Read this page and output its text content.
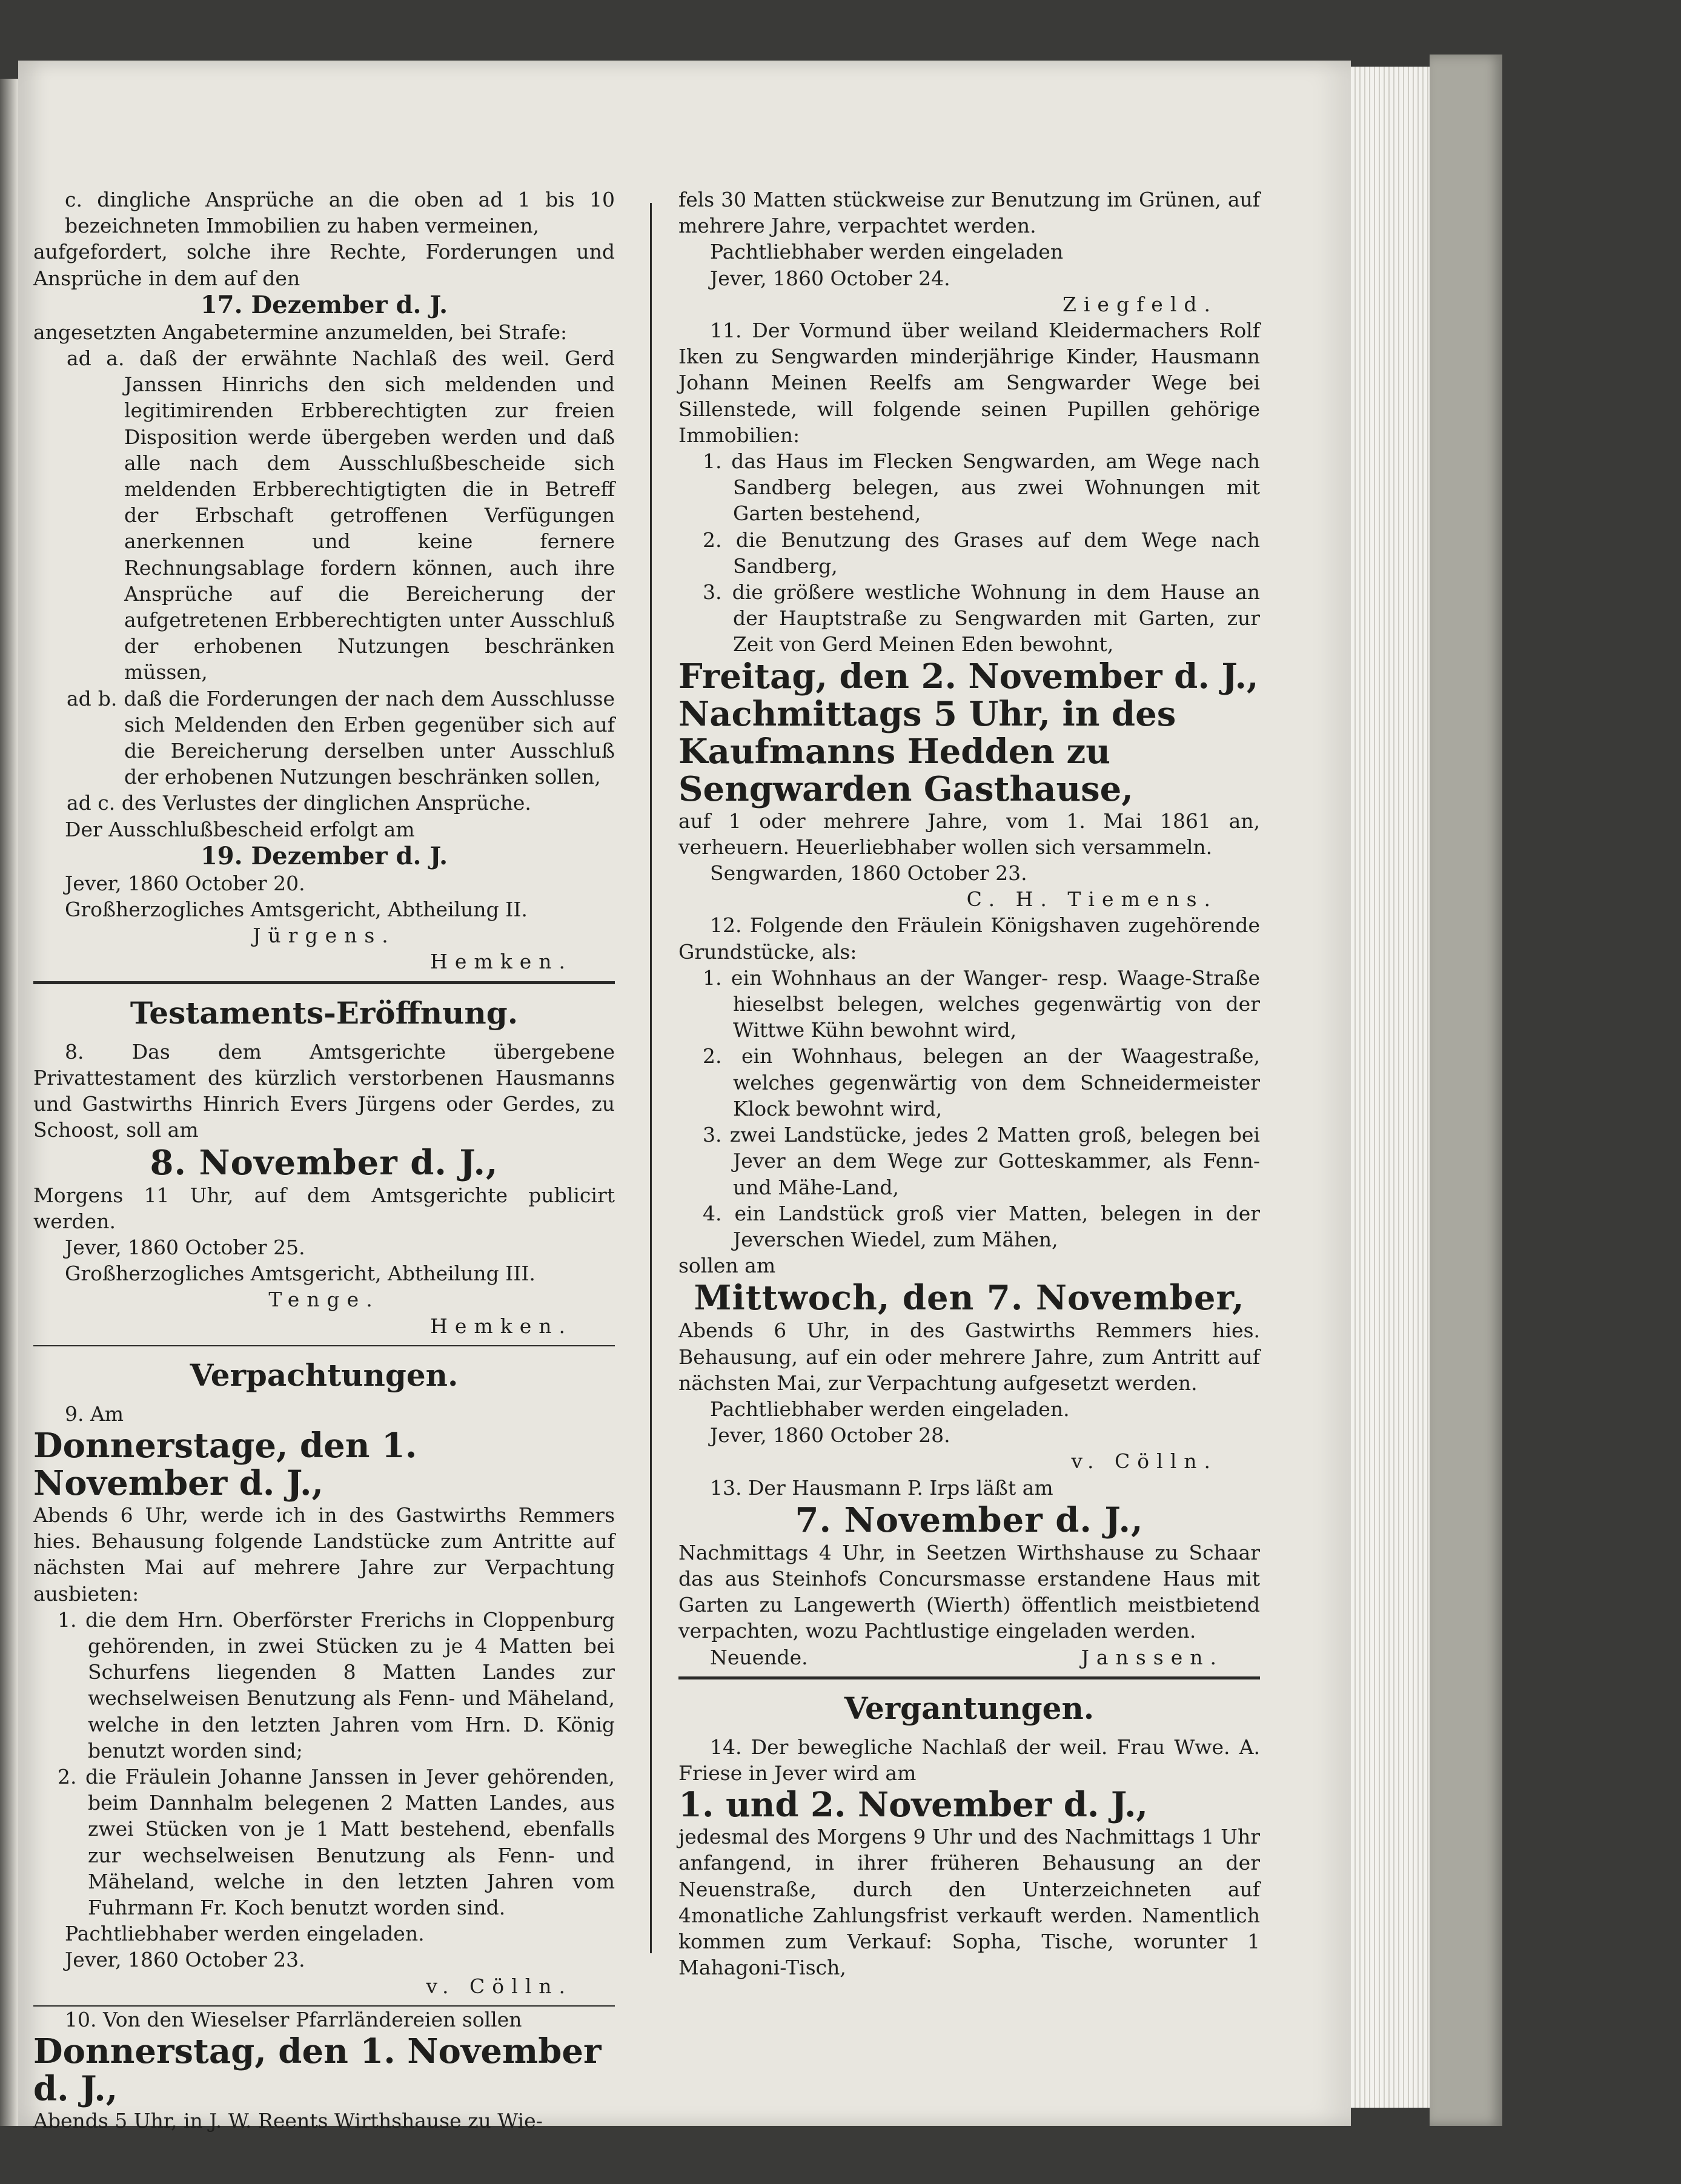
c. dingliche Ansprüche an die oben ad 1 bis 10 bezeichneten Immobilien zu haben vermeinen,

aufgefordert, solche ihre Rechte, Forderungen und Ansprüche in dem auf den

17. Dezember d. J.

angesetzten Angabetermine anzumelden, bei Strafe:

ad a. daß der erwähnte Nachlaß des weil. Gerd Janssen Hinrichs den sich meldenden und legitimirenden Erbberechtigten zur freien Disposition werde übergeben werden und daß alle nach dem Ausschlußbescheide sich meldenden Erbberechtigtigten die in Betreff der Erbschaft getroffenen Verfügungen anerkennen und keine fernere Rechnungsablage fordern können, auch ihre Ansprüche auf die Bereicherung der aufgetretenen Erbberechtigten unter Ausschluß der erhobenen Nutzungen beschränken müssen,

ad b. daß die Forderungen der nach dem Ausschlusse sich Meldenden den Erben gegenüber sich auf die Bereicherung derselben unter Ausschluß der erhobenen Nutzungen beschränken sollen,

ad c. des Verlustes der dinglichen Ansprüche.

Der Ausschlußbescheid erfolgt am

19. Dezember d. J.

Jever, 1860 October 20.

Großherzogliches Amtsgericht, Abtheilung II.

Jürgens.

Hemken.

Testaments-Eröffnung.

8. Das dem Amtsgerichte übergebene Privattestament des kürzlich verstorbenen Hausmanns und Gastwirths Hinrich Evers Jürgens oder Gerdes, zu Schoost, soll am

8. November d. J.,

Morgens 11 Uhr, auf dem Amtsgerichte publicirt werden.

Jever, 1860 October 25.

Großherzogliches Amtsgericht, Abtheilung III.

Tenge.

Hemken.

Verpachtungen.

9. Am

Donnerstage, den 1. November d. J.,

Abends 6 Uhr, werde ich in des Gastwirths Remmers hies. Behausung folgende Landstücke zum Antritte auf nächsten Mai auf mehrere Jahre zur Verpachtung ausbieten:

1. die dem Hrn. Oberförster Frerichs in Cloppenburg gehörenden, in zwei Stücken zu je 4 Matten bei Schurfens liegenden 8 Matten Landes zur wechselweisen Benutzung als Fenn- und Mäheland, welche in den letzten Jahren vom Hrn. D. König benutzt worden sind;

2. die Fräulein Johanne Janssen in Jever gehörenden, beim Dannhalm belegenen 2 Matten Landes, aus zwei Stücken von je 1 Matt bestehend, ebenfalls zur wechselweisen Benutzung als Fenn- und Mäheland, welche in den letzten Jahren vom Fuhrmann Fr. Koch benutzt worden sind.

Pachtliebhaber werden eingeladen.

Jever, 1860 October 23.

v. Cölln.

10. Von den Wieselser Pfarrländereien sollen

Donnerstag, den 1. November d. J.,

Abends 5 Uhr, in J. W. Reents Wirthshause zu Wie-

fels 30 Matten stückweise zur Benutzung im Grünen, auf mehrere Jahre, verpachtet werden.

Pachtliebhaber werden eingeladen

Jever, 1860 October 24.

Ziegfeld.

11. Der Vormund über weiland Kleidermachers Rolf Iken zu Sengwarden minderjährige Kinder, Hausmann Johann Meinen Reelfs am Sengwarder Wege bei Sillenstede, will folgende seinen Pupillen gehörige Immobilien:

1. das Haus im Flecken Sengwarden, am Wege nach Sandberg belegen, aus zwei Wohnungen mit Garten bestehend,

2. die Benutzung des Grases auf dem Wege nach Sandberg,

3. die größere westliche Wohnung in dem Hause an der Hauptstraße zu Sengwarden mit Garten, zur Zeit von Gerd Meinen Eden bewohnt,

Freitag, den 2. November d. J., Nachmittags 5 Uhr, in des Kaufmanns Hedden zu Sengwarden Gasthause,

auf 1 oder mehrere Jahre, vom 1. Mai 1861 an, verheuern. Heuerliebhaber wollen sich versammeln.

Sengwarden, 1860 October 23.

C. H. Tiemens.

12. Folgende den Fräulein Königshaven zugehörende Grundstücke, als:

1. ein Wohnhaus an der Wanger- resp. Waage-Straße hieselbst belegen, welches gegenwärtig von der Wittwe Kühn bewohnt wird,

2. ein Wohnhaus, belegen an der Waagestraße, welches gegenwärtig von dem Schneidermeister Klock bewohnt wird,

3. zwei Landstücke, jedes 2 Matten groß, belegen bei Jever an dem Wege zur Gotteskammer, als Fenn- und Mähe-Land,

4. ein Landstück groß vier Matten, belegen in der Jeverschen Wiedel, zum Mähen,

sollen am

Mittwoch, den 7. November,

Abends 6 Uhr, in des Gastwirths Remmers hies. Behausung, auf ein oder mehrere Jahre, zum Antritt auf nächsten Mai, zur Verpachtung aufgesetzt werden.

Pachtliebhaber werden eingeladen.

Jever, 1860 October 28.

v. Cölln.

13. Der Hausmann P. Irps läßt am

7. November d. J.,

Nachmittags 4 Uhr, in Seetzen Wirthshause zu Schaar das aus Steinhofs Concursmasse erstandene Haus mit Garten zu Langewerth (Wierth) öffentlich meistbietend verpachten, wozu Pachtlustige eingeladen werden.

Neuende.	Janssen.

Vergantungen.

14. Der bewegliche Nachlaß der weil. Frau Wwe. A. Friese in Jever wird am

1. und 2. November d. J.,

jedesmal des Morgens 9 Uhr und des Nachmittags 1 Uhr anfangend, in ihrer früheren Behausung an der Neuenstraße, durch den Unterzeichneten auf 4monatliche Zahlungsfrist verkauft werden. Namentlich kommen zum Verkauf: Sopha, Tische, worunter 1 Mahagoni-Tisch,
